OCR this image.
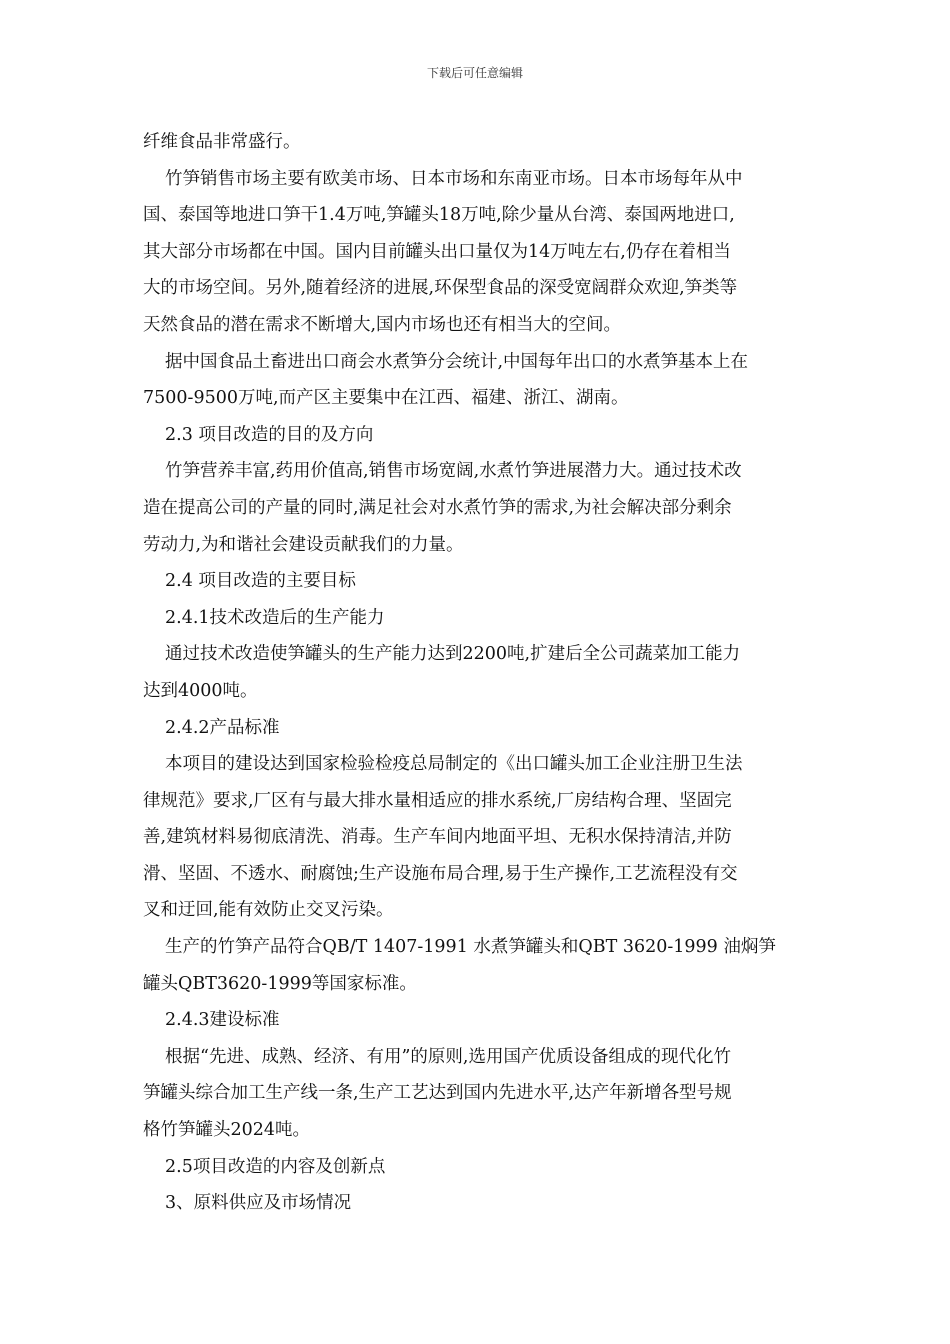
下载后可任意编辑
纤维食品非常盛行。
竹笋销售市场主要有欧美市场、日本市场和东南亚市场。日本市场每年从中
国、泰国等地进口笋干1.4万吨,笋罐头18万吨,除少量从台湾、泰国两地进口,
其大部分市场都在中国。国内目前罐头出口量仅为14万吨左右,仍存在着相当
大的市场空间。另外,随着经济的进展,环保型食品的深受宽阔群众欢迎,笋类等
天然食品的潜在需求不断增大,国内市场也还有相当大的空间。
据中国食品土畜进出口商会水煮笋分会统计,中国每年出口的水煮笋基本上在
7500-9500万吨,而产区主要集中在江西、福建、浙江、湖南。
2.3 项目改造的目的及方向
竹笋营养丰富,药用价值高,销售市场宽阔,水煮竹笋进展潜力大。通过技术改
造在提高公司的产量的同时,满足社会对水煮竹笋的需求,为社会解决部分剩余
劳动力,为和谐社会建设贡献我们的力量。
2.4 项目改造的主要目标
2.4.1技术改造后的生产能力
通过技术改造使笋罐头的生产能力达到2200吨,扩建后全公司蔬菜加工能力
达到4000吨。
2.4.2产品标准
本项目的建设达到国家检验检疫总局制定的《出口罐头加工企业注册卫生法
律规范》要求,厂区有与最大排水量相适应的排水系统,厂房结构合理、坚固完
善,建筑材料易彻底清洗、消毒。生产车间内地面平坦、无积水保持清洁,并防
滑、坚固、不透水、耐腐蚀;生产设施布局合理,易于生产操作,工艺流程没有交
叉和迂回,能有效防止交叉污染。
生产的竹笋产品符合QB/T 1407-1991 水煮笋罐头和QBT 3620-1999 油焖笋
罐头QBT3620-1999等国家标准。
2.4.3建设标准
根据“先进、成熟、经济、有用”的原则,选用国产优质设备组成的现代化竹
笋罐头综合加工生产线一条,生产工艺达到国内先进水平,达产年新增各型号规
格竹笋罐头2024吨。
2.5项目改造的内容及创新点
3、原料供应及市场情况
